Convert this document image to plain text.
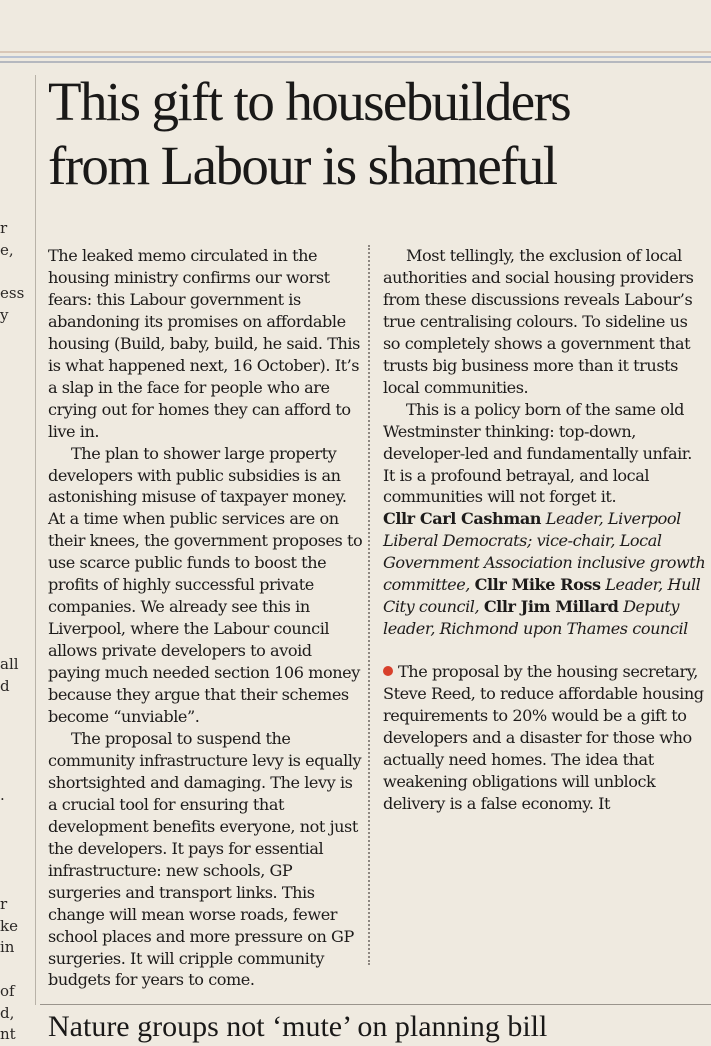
r
e,
ess
y
all
d
.
r
ke
in
of
d,
nt
This gift to housebuilders
from Labour is shameful

The leaked memo circulated in the housing ministry confirms our worst fears: this Labour government is abandoning its promises on affordable housing (Build, baby, build, he said. This is what happened next, 16 October). It’s a slap in the face for people who are crying out for homes they can afford to live in.

The plan to shower large property developers with public subsidies is an astonishing misuse of taxpayer money. At a time when public services are on their knees, the government proposes to use scarce public funds to boost the profits of highly successful private companies. We already see this in Liverpool, where the Labour council allows private developers to avoid paying much needed section 106 money because they argue that their schemes become “unviable”.

The proposal to suspend the community infrastructure levy is equally shortsighted and damaging. The levy is a crucial tool for ensuring that development benefits everyone, not just the developers. It pays for essential infrastructure: new schools, GP surgeries and transport links. This change will mean worse roads, fewer school places and more pressure on GP surgeries. It will cripple community budgets for years to come.

Most tellingly, the exclusion of local authorities and social housing providers from these discussions reveals Labour’s true centralising colours. To sideline us so completely shows a government that trusts big business more than it trusts local communities.

This is a policy born of the same old Westminster thinking: top-down, developer-led and fundamentally unfair. It is a profound betrayal, and local communities will not forget it.

Cllr Carl Cashman Leader, Liverpool Liberal Democrats; vice-chair, Local Government Association inclusive growth committee, Cllr Mike Ross Leader, Hull City council, Cllr Jim Millard Deputy leader, Richmond upon Thames council

The proposal by the housing secretary, Steve Reed, to reduce affordable housing requirements to 20% would be a gift to developers and a disaster for those who actually need homes. The idea that weakening obligations will unblock delivery is a false economy. It

Nature groups not ‘mute’ on planning bill
